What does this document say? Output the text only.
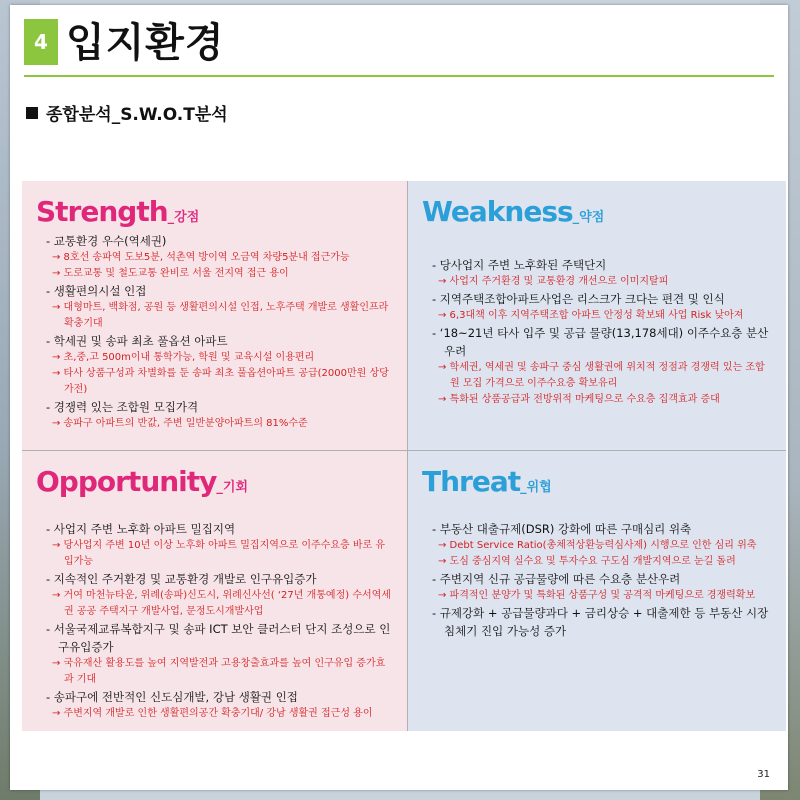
4 입지환경
종합분석_S.W.O.T분석
Strength_강점
- 교통환경 우수(역세권)
→ 8호선 송파역 도보5분, 석촌역 방이역 오금역 차량5분내 접근가능
→ 도로교통 및 철도교통 완비로 서울 전지역 접근 용이
- 생활편의시설 인접
→ 대형마트, 백화점, 공원 등 생활편의시설 인접, 노후주택 개발로 생활인프라 확충기대
- 학세권 및 송파 최초 풀옵션 아파트
→ 초,중,고 500m이내 통학가능, 학원 및 교육시설 이용편리
→ 타사 상품구성과 차별화를 둔 송파 최초 풀옵션아파트 공급(2000만원 상당 가전)
- 경쟁력 있는 조합원 모집가격
→ 송파구 아파트의 반값, 주변 일반분양아파트의 81%수준
Weakness_약점
- 당사업지 주변 노후화된 주택단지
→ 사업지 주거환경 및 교통환경 개선으로 이미지탈피
- 지역주택조합아파트사업은 리스크가 크다는 편견 및 인식
→ 6,3대책 이후 지역주택조합 아파트 안정성 확보돼 사업 Risk 낮아져
- ‘18~21년 타사 입주 및 공급 물량(13,178세대) 이주수요층 분산우려
→ 학세권, 역세권 및 송파구 중심 생활권에 위치적 정점과 경쟁력 있는 조합원 모집 가격으로 이주수요층 확보유리
→ 특화된 상품공급과 전방위적 마케팅으로 수요층 집객효과 증대
Opportunity_기회
- 사업지 주변 노후화 아파트 밀집지역
→ 당사업지 주변 10년 이상 노후화 아파트 밀집지역으로 이주수요층 바로 유입가능
- 지속적인 주거환경 및 교통환경 개발로 인구유입증가
→ 거여 마천뉴타운, 위례(송파)신도시, 위례신사선( ‘27년 개통예정) 수서역세권 공공 주택지구 개발사업, 문정도시개발사업
- 서울국제교류복합지구 및 송파 ICT 보안 클러스터 단지 조성으로 인구유입증가
→ 국유재산 활용도를 높여 지역발전과 고용창출효과를 높여 인구유입 증가효과 기대
- 송파구에 전반적인 신도심개발, 강남 생활권 인접
→ 주변지역 개발로 인한 생활편의공간 확충기대/ 강남 생활권 접근성 용이
Threat_위협
- 부동산 대출규제(DSR) 강화에 따른 구매심리 위축
→ Debt Service Ratio(총체적상환능력심사제) 시행으로 인한 심리 위축
→ 도심 중심지역 실수요 및 투자수요 구도심 개발지역으로 눈길 돌려
- 주변지역 신규 공급물량에 따른 수요층 분산우려
→ 파격적인 분양가 및 특화된 상품구성 및 공격적 마케팅으로 경쟁력확보
- 규제강화 + 공급물량과다 + 금리상승 + 대출제한 등 부동산 시장 침체기 진입 가능성 증가
31
